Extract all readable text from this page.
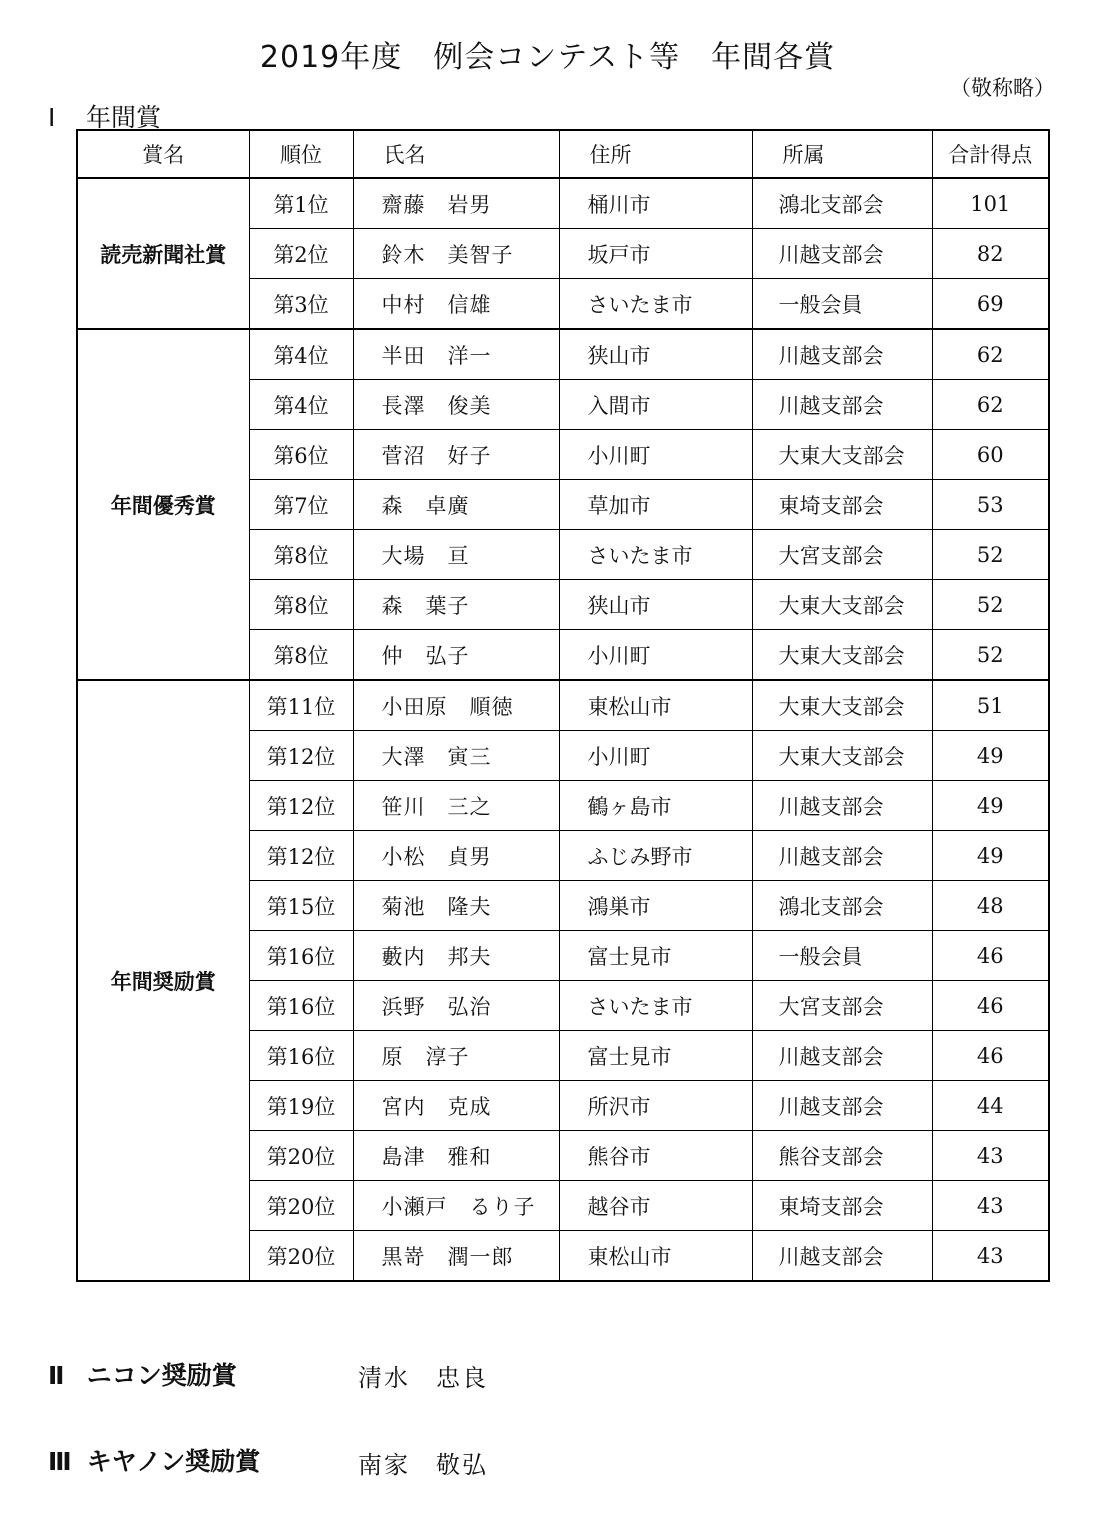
2019年度　例会コンテスト等　年間各賞
（敬称略）
Ⅰ 年間賞
賞名	順位	氏名	住所	所属	合計得点
読売新聞社賞	第1位	齋藤　岩男	桶川市	鴻北支部会	101
	第2位	鈴木　美智子	坂戸市	川越支部会	82
	第3位	中村　信雄	さいたま市	一般会員	69
年間優秀賞	第4位	半田　洋一	狭山市	川越支部会	62
	第4位	長澤　俊美	入間市	川越支部会	62
	第6位	菅沼　好子	小川町	大東大支部会	60
	第7位	森　卓廣	草加市	東埼支部会	53
	第8位	大場　亘	さいたま市	大宮支部会	52
	第8位	森　葉子	狭山市	大東大支部会	52
	第8位	仲　弘子	小川町	大東大支部会	52
年間奨励賞	第11位	小田原　順徳	東松山市	大東大支部会	51
	第12位	大澤　寅三	小川町	大東大支部会	49
	第12位	笹川　三之	鶴ヶ島市	川越支部会	49
	第12位	小松　貞男	ふじみ野市	川越支部会	49
	第15位	菊池　隆夫	鴻巣市	鴻北支部会	48
	第16位	藪内　邦夫	富士見市	一般会員	46
	第16位	浜野　弘治	さいたま市	大宮支部会	46
	第16位	原　淳子	富士見市	川越支部会	46
	第19位	宮内　克成	所沢市	川越支部会	44
	第20位	島津　雅和	熊谷市	熊谷支部会	43
	第20位	小瀬戸　るり子	越谷市	東埼支部会	43
	第20位	黒嵜　潤一郎	東松山市	川越支部会	43
Ⅱ ニコン奨励賞	清水　忠良
Ⅲ キヤノン奨励賞	南家　敬弘
